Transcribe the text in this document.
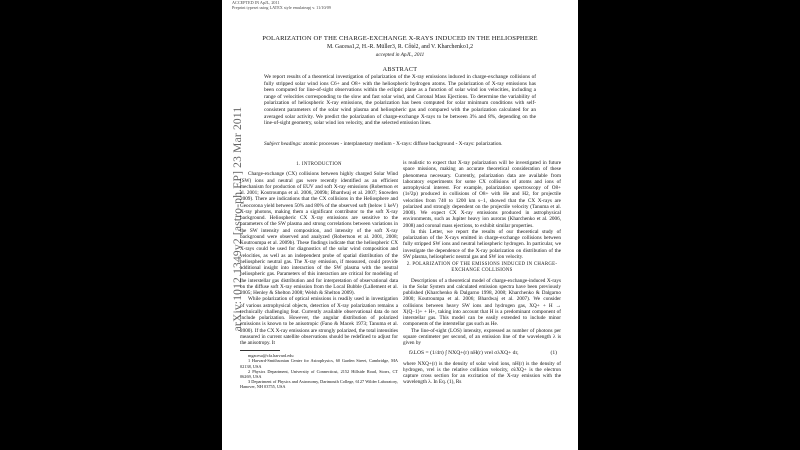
ACCEPTED IN ApJL, 2011
Preprint typeset using LATEX style emulateapj v. 11/10/09
arXiv:1012.1349v2 [astro-ph.EP] 23 Mar 2011
POLARIZATION OF THE CHARGE-EXCHANGE X-RAYS INDUCED IN THE HELIOSPHERE
M. Gacesa1,2, H.-R. Müller3, R. Côté2, and V. Kharchenko1,2
accepted in ApJL, 2011
ABSTRACT
We report results of a theoretical investigation of polarization of the X-ray emissions induced in charge-exchange collisions of fully stripped solar wind ions C6+ and O8+ with the heliospheric hydrogen atoms. The polarization of X-ray emissions has been computed for line-of-sight observations within the ecliptic plane as a function of solar wind ion velocities, including a range of velocities corresponding to the slow and fast solar wind, and Coronal Mass Ejections. To determine the variability of polarization of heliospheric X-ray emissions, the polarization has been computed for solar minimum conditions with self-consistent parameters of the solar wind plasma and heliospheric gas and compared with the polarization calculated for an averaged solar activity. We predict the polarization of charge-exchange X-rays to be between 3% and 8%, depending on the line-of-sight geometry, solar wind ion velocity, and the selected emission lines.
Subject headings: atomic processes - interplanetary medium - X-rays: diffuse background - X-rays: polarization.
1. INTRODUCTION

Charge-exchange (CX) collisions between highly charged Solar Wind (SW) ions and neutral gas were recently identified as an efficient mechanism for production of EUV and soft X-ray emissions (Robertson et al. 2001; Koutroumpa et al. 2006, 2009b; Bhardwaj et al. 2007; Snowden 2009). There are indications that the CX collisions in the Heliosphere and Geocorona yield between 50% and 80% of the observed soft (below 1 keV) X-ray photons, making them a significant contributor to the soft X-ray background. Heliospheric CX X-ray emissions are sensitive to the parameters of the SW plasma and strong correlations between variations in the SW intensity and composition, and intensity of the soft X-ray background were observed and analyzed (Robertson et al. 2001, 2008; Koutroumpa et al. 2009b). These findings indicate that the heliospheric CX X-rays could be used for diagnostics of the solar wind composition and velocities, as well as an independent probe of spatial distribution of the heliospheric neutral gas. The X-ray emission, if measured, could provide additional insight into interaction of the SW plasma with the neutral heliospheric gas. Parameters of this interaction are critical for modeling of the interstellar gas distribution and for interpretation of observational data on the diffuse soft X-ray emission from the Local Bubble (Lallement et al. 2005; Henley & Shelton 2008; Welsh & Shelton 2009).

While polarization of optical emissions is readily used in investigation of various astrophysical objects, detection of X-ray polarization remains a technically challenging feat. Currently available observational data do not include polarization. However, the angular distribution of polarized emissions is known to be anisotropic (Fano & Macek 1973; Tanuma et al. 2000). If the CX X-ray emissions are strongly polarized, the total intensities measured in current satellite observations should be redefined to adjust for the anisotropy. It

mgacesa@cfa.harvard.edu

1 Harvard-Smithsonian Center for Astrophysics, 60 Garden Street, Cambridge, MA 02138, USA

2 Physics Department, University of Connecticut, 2152 Hillside Road, Storrs, CT 06269, USA

3 Department of Physics and Astronomy, Dartmouth College, 6127 Wilder Laboratory, Hanover, NH 03755, USA

is realistic to expect that X-ray polarization will be investigated in future space missions, making an accurate theoretical consideration of these phenomena necessary. Currently, polarization data are available from laboratory experiments for some CX collisions of atoms and ions of astrophysical interest. For example, polarization spectroscopy of O8+(1s²2p) produced in collisions of O8+ with He and H2, for projectile velocities from 740 to 1200 km s−1, showed that the CX X-rays are polarized and strongly dependent on the projectile velocity (Tanuma et al. 2000). We expect CX X-ray emissions produced in astrophysical environments, such as Jupiter heavy ion auroras (Kharchenko et al. 2006, 2008) and coronal mass ejections, to exhibit similar properties.

In this Letter, we report the results of our theoretical study of polarization of the X-rays emitted in charge-exchange collisions between fully stripped SW ions and neutral heliospheric hydrogen. In particular, we investigate the dependence of the X-ray polarization on distribution of the SW plasma, heliospheric neutral gas and SW ion velocity.

2. POLARIZATION OF THE EMISSIONS INDUCED IN CHARGE-EXCHANGE COLLISIONS

Descriptions of a theoretical model of charge-exchange-induced X-rays in the Solar System and calculated emission spectra have been previously published (Kharchenko & Dalgarno 1998, 2008; Kharchenko & Dalgarno 2000; Koutroumpa et al. 2006; Bhardwaj et al. 2007). We consider collisions between heavy SW ions and hydrogen gas, XQ+ + H → X(Q−1)+ + H+, taking into account that H is a predominant component of interstellar gas. This model can be easily extended to include minor components of the interstellar gas such as He.

The line-of-sight (LOS) intensity, expressed as number of photons per square centimeter per second, of an emission line of the wavelength λ is given by

fλLOS = (1/4π) ∫ NXQ+(r) nH(r) vrel σλXQ+ dr,	(1)

where NXQ+(r) is the density of solar wind ions, nH(r) is the density of hydrogen, vrel is the relative collision velocity, σλXQ+ is the electron capture cross section for an excitation of the X-ray emission with the wavelength λ. In Eq. (1), Rs
